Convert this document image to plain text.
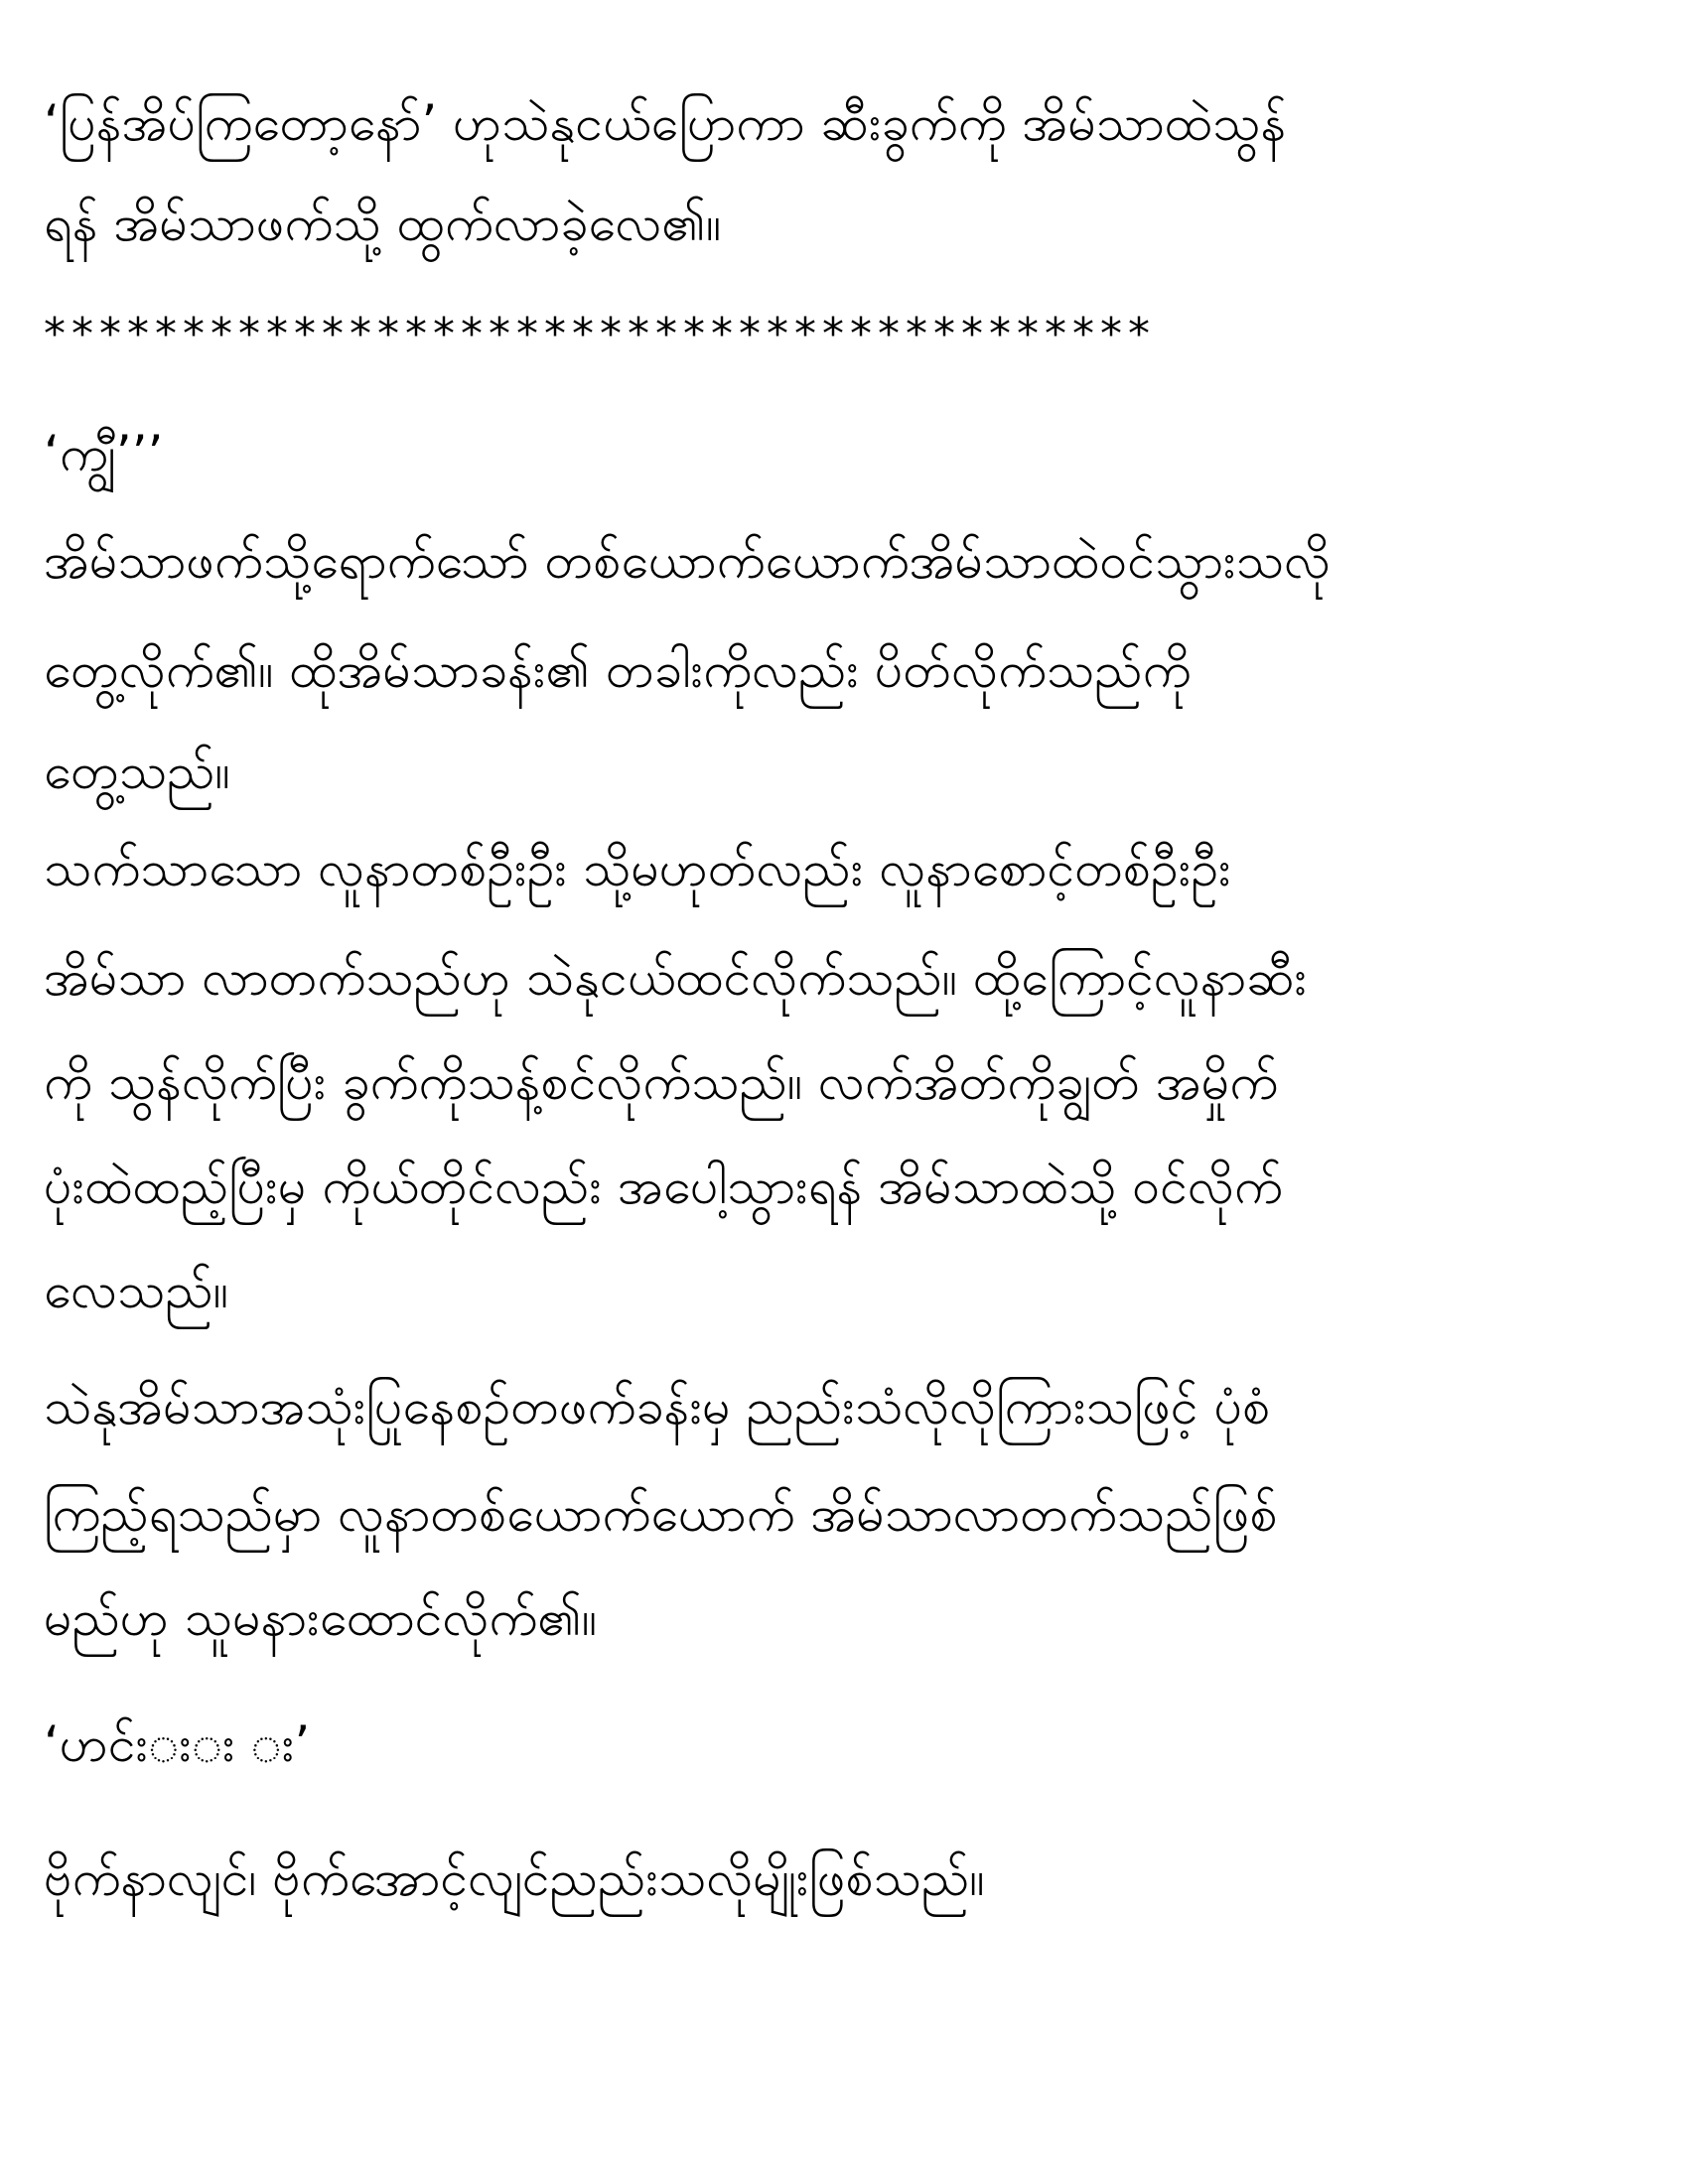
‘ပြန်အိပ်ကြတော့နော်’ ဟုသဲနုငယ်ပြောကာ ဆီးခွက်ကို အိမ်သာထဲသွန်
ရန် အိမ်သာဖက်သို့ ထွက်လာခဲ့လေ၏။
****************************************
‘ကျွီ’’’
အိမ်သာဖက်သို့ရောက်သော် တစ်ယောက်ယောက်အိမ်သာထဲဝင်သွားသလို
တွေ့လိုက်၏။ ထိုအိမ်သာခန်း၏ တခါးကိုလည်း ပိတ်လိုက်သည်ကို
တွေ့သည်။
သက်သာသော လူနာတစ်ဦးဦး သို့မဟုတ်လည်း လူနာစောင့်တစ်ဦးဦး
အိမ်သာ လာတက်သည်ဟု သဲနုငယ်ထင်လိုက်သည်။ ထို့ကြောင့်လူနာဆီး
ကို သွန်လိုက်ပြီး ခွက်ကိုသန့်စင်လိုက်သည်။ လက်အိတ်ကိုချွတ် အမှိုက်
ပုံးထဲထည့်ပြီးမှ ကိုယ်တိုင်လည်း အပေါ့သွားရန် အိမ်သာထဲသို့ ဝင်လိုက်
လေသည်။
သဲနုအိမ်သာအသုံးပြုနေစဉ်တဖက်ခန်းမှ ညည်းသံလိုလိုကြားသဖြင့် ပုံစံ
ကြည့်ရသည်မှာ လူနာတစ်ယောက်ယောက် အိမ်သာလာတက်သည်ဖြစ်
မည်ဟု သူမနားထောင်လိုက်၏။
‘ဟင်း◌း◌း ◌း’
ဗိုက်နာလျင်၊ ဗိုက်အောင့်လျင်ညည်းသလိုမျိုးဖြစ်သည်။
